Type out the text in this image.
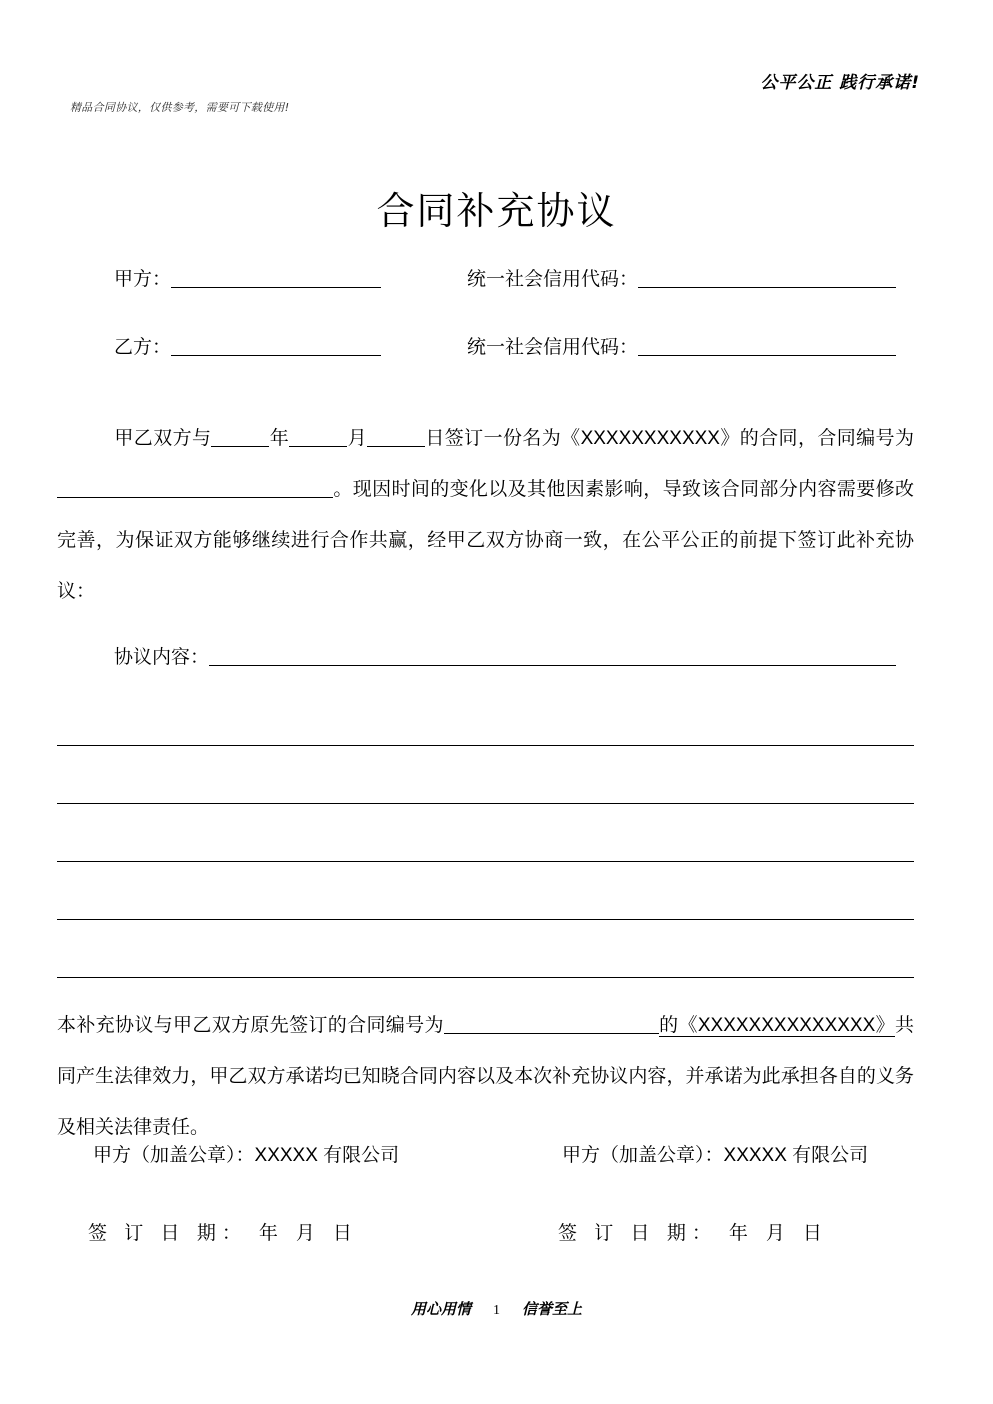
公平公正 践行承诺!
精品合同协议，仅供参考，需要可下载使用!
合同补充协议
甲方：	统一社会信用代码：
乙方：	统一社会信用代码：

甲乙双方与	年	月	日签订一份名为《XXXXXXXXXXX》的合同，合同编号为。现因时间的变化以及其他因素影响，导致该合同部分内容需要修改完善，为保证双方能够继续进行合作共赢，经甲乙双方协商一致，在公平公正的前提下签订此补充协议：

协议内容：

本补充协议与甲乙双方原先签订的合同编号为	的《XXXXXXXXXXXXXX》共同产生法律效力，甲乙双方承诺均已知晓合同内容以及本次补充协议内容，并承诺为此承担各自的义务及相关法律责任。

甲方（加盖公章）：XXXXX 有限公司	甲方（加盖公章）：XXXXX 有限公司
签 订 日 期： 年 月 日	签 订 日 期： 年 月 日
用心用情 1 信誉至上
